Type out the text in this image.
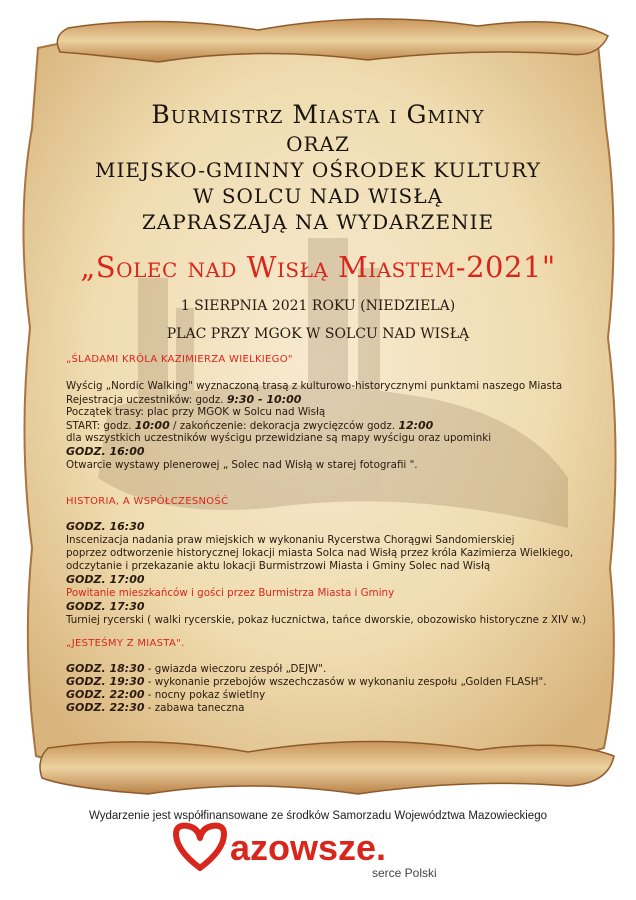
Burmistrz Miasta i Gminy
ORAZ
MIEJSKO-GMINNY OŚRODEK KULTURY
W SOLCU NAD WISŁĄ
ZAPRASZAJĄ NA WYDARZENIE
„Solec nad Wisłą Miastem-2021"
1 SIERPNIA 2021 ROKU (NIEDZIELA)
PLAC PRZY MGOK W SOLCU NAD WISŁĄ
„ŚLADAMI KRÓLA KAZIMIERZA WIELKIEGO"
Wyścig „Nordic Walking" wyznaczoną trasą z kulturowo-historycznymi punktami naszego Miasta
Rejestracja uczestników: godz. 9:30 - 10:00
Początek trasy: plac przy MGOK w Solcu nad Wisłą
START: godz. 10:00 / zakończenie: dekoracja zwycięzców godz. 12:00
dla wszystkich uczestników wyścigu przewidziane są mapy wyścigu oraz upominki
GODZ. 16:00
Otwarcie wystawy plenerowej „ Solec nad Wisłą w starej fotografii ".
HISTORIA, A WSPÓŁCZESNOŚĆ
GODZ. 16:30
Inscenizacja nadania praw miejskich w wykonaniu Rycerstwa Chorągwi Sandomierskiej
poprzez odtworzenie historycznej lokacji miasta Solca nad Wisłą przez króla Kazimierza Wielkiego,
odczytanie i przekazanie aktu lokacji Burmistrzowi Miasta i Gminy Solec nad Wisłą
GODZ. 17:00
Powitanie mieszkańców i gości przez Burmistrza Miasta i Gminy
GODZ. 17:30
Turniej rycerski ( walki rycerskie, pokaz łucznictwa, tańce dworskie, obozowisko historyczne z XIV w.)
„JESTEŚMY Z MIASTA".
GODZ. 18:30 - gwiazda wieczoru zespół „DEJW".
GODZ. 19:30 - wykonanie przebojów wszechczasów w wykonaniu zespołu „Golden FLASH".
GODZ. 22:00 - nocny pokaz świetlny
GODZ. 22:30 - zabawa taneczna
Wydarzenie jest współfinansowane ze środków Samorzadu Województwa Mazowieckiego
azowsze.
serce Polski
